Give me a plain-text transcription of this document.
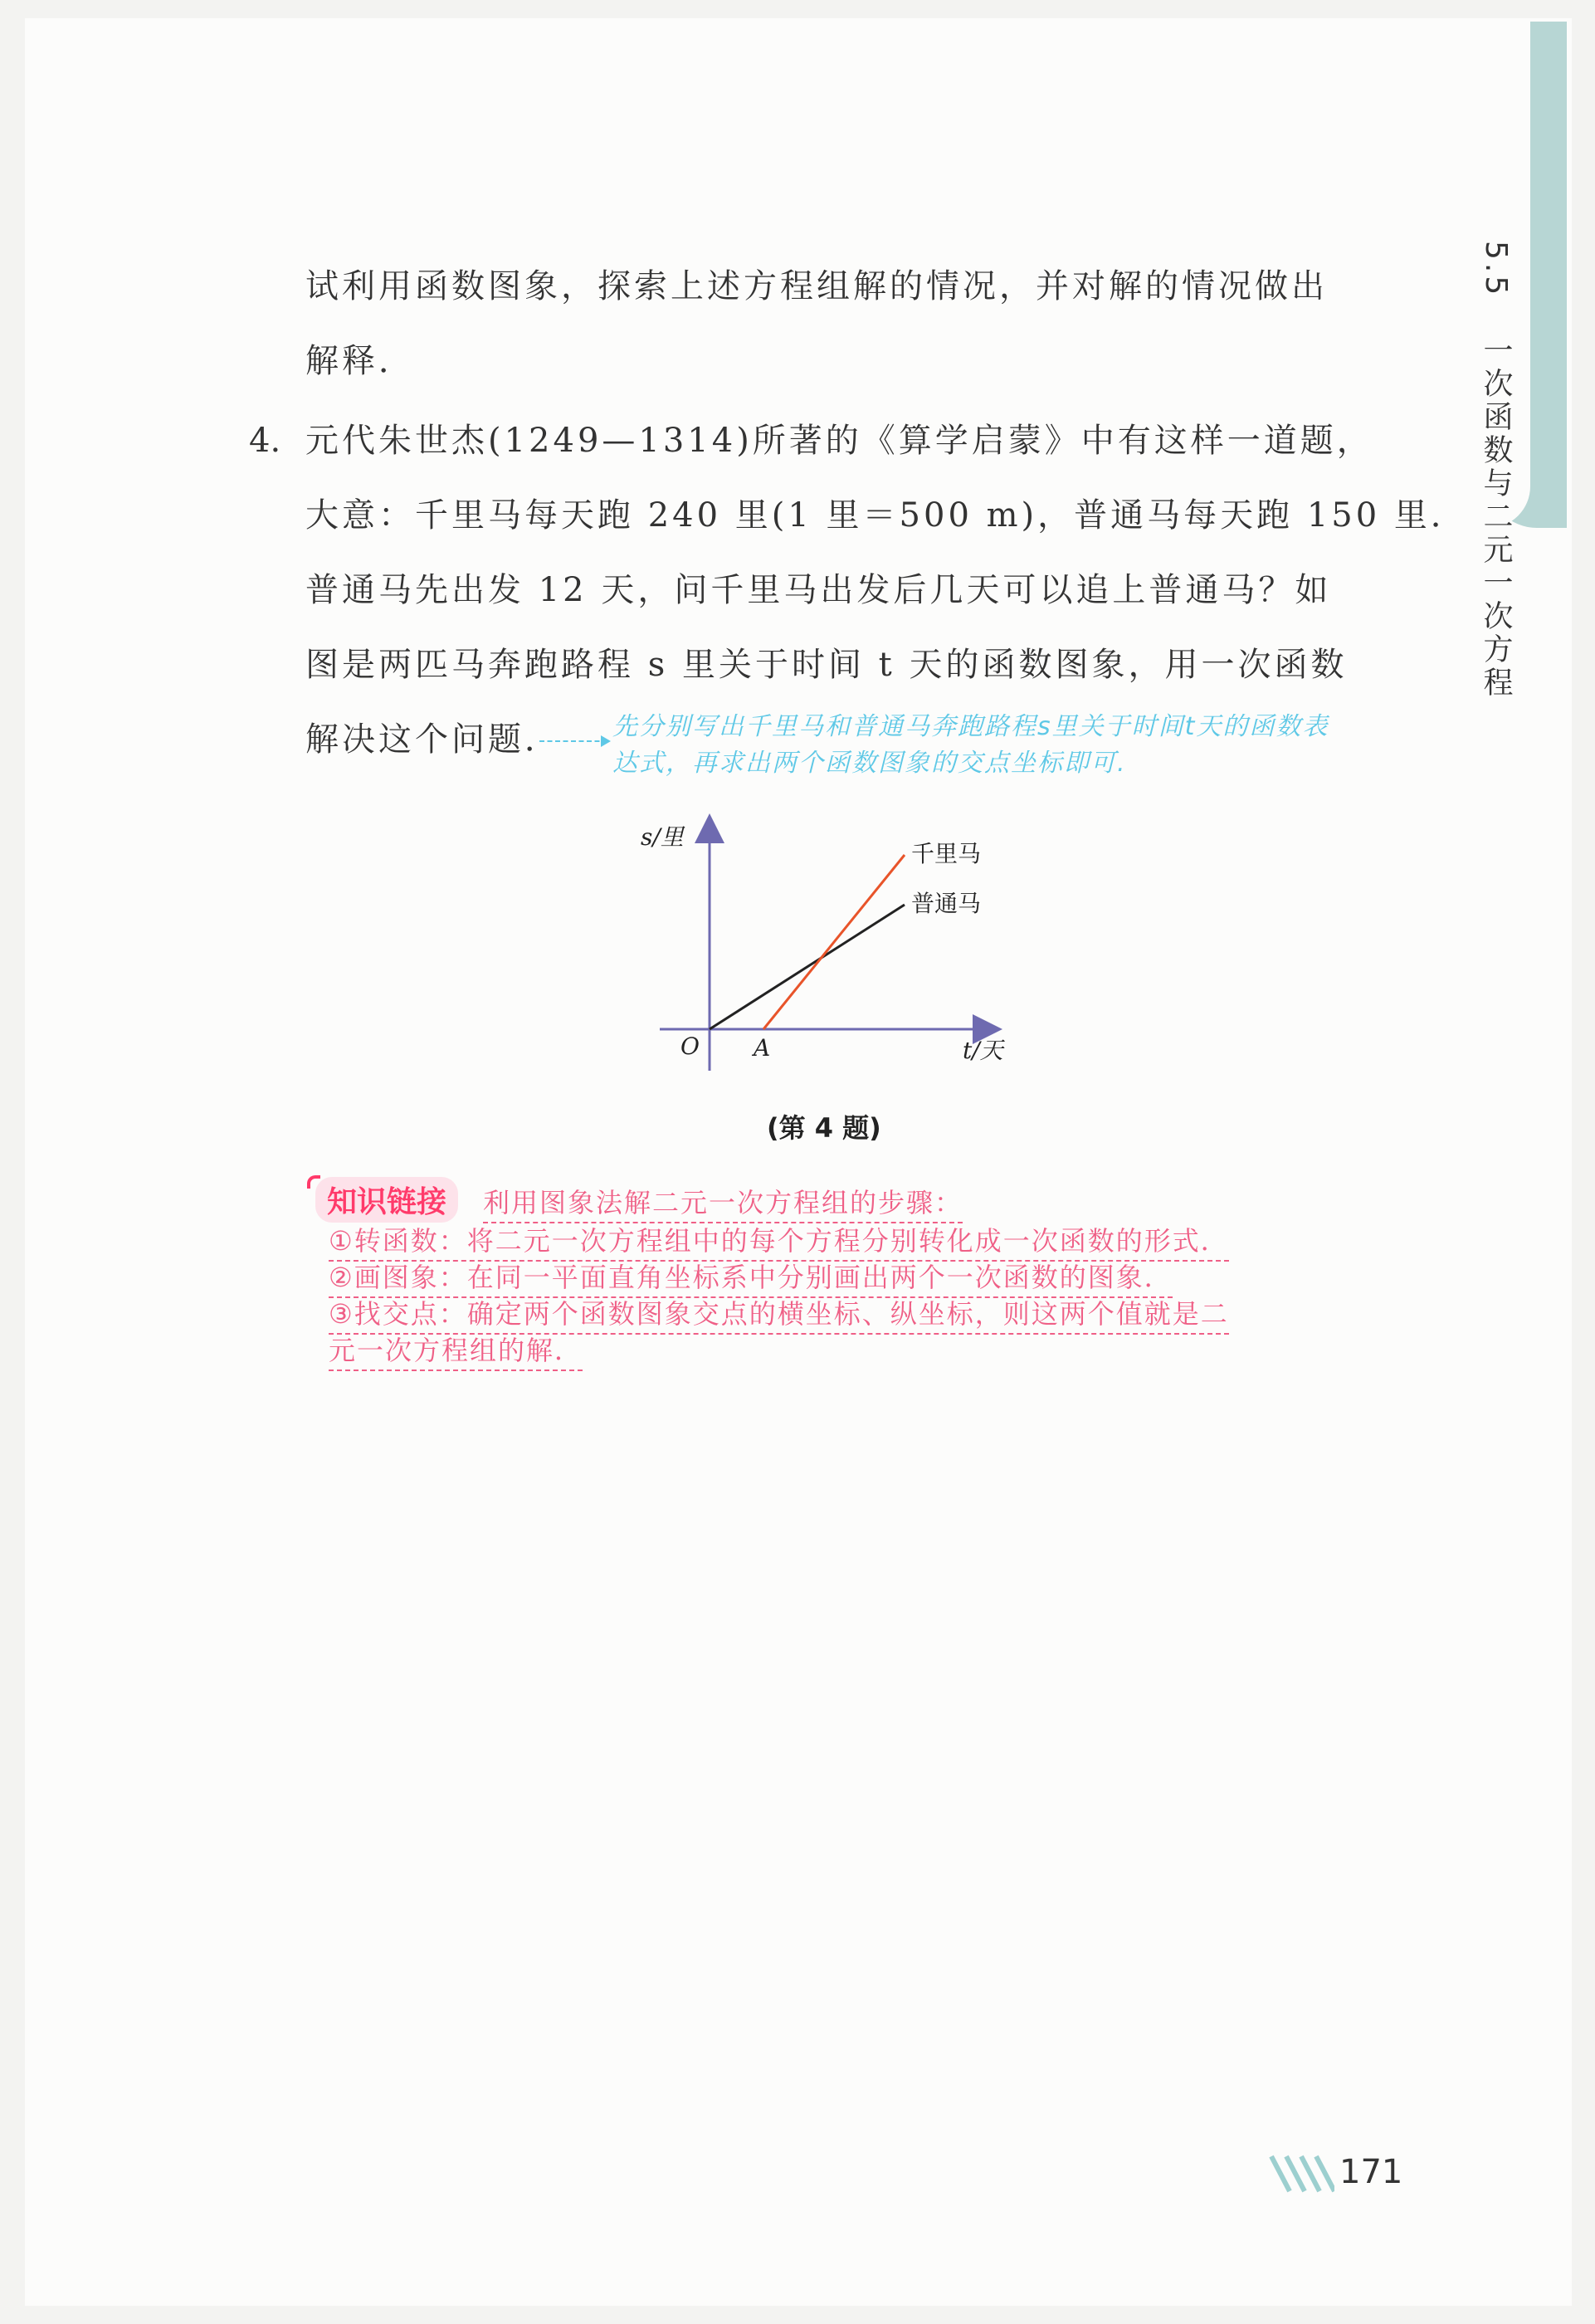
5.5 一次函数与二元一次方程

试利用函数图象，探索上述方程组解的情况，并对解的情况做出

解释．

4. 元代朱世杰(1249—1314)所著的《算学启蒙》中有这样一道题，

大意：千里马每天跑 240 里(1 里＝500 m)，普通马每天跑 150 里．

普通马先出发 12 天，问千里马出发后几天可以追上普通马？如

图是两匹马奔跑路程 s 里关于时间 t 天的函数图象，用一次函数

解决这个问题． 先分别写出千里马和普通马奔跑路程s里关于时间t天的函数表
达式，再求出两个函数图象的交点坐标即可.
s/里
t/天
O A
千里马
普通马
(第 4 题)
知识链接	利用图象法解二元一次方程组的步骤：
①转函数：将二元一次方程组中的每个方程分别转化成一次函数的形式．
②画图象：在同一平面直角坐标系中分别画出两个一次函数的图象．
③找交点：确定两个函数图象交点的横坐标、纵坐标，则这两个值就是二
元一次方程组的解．
171
